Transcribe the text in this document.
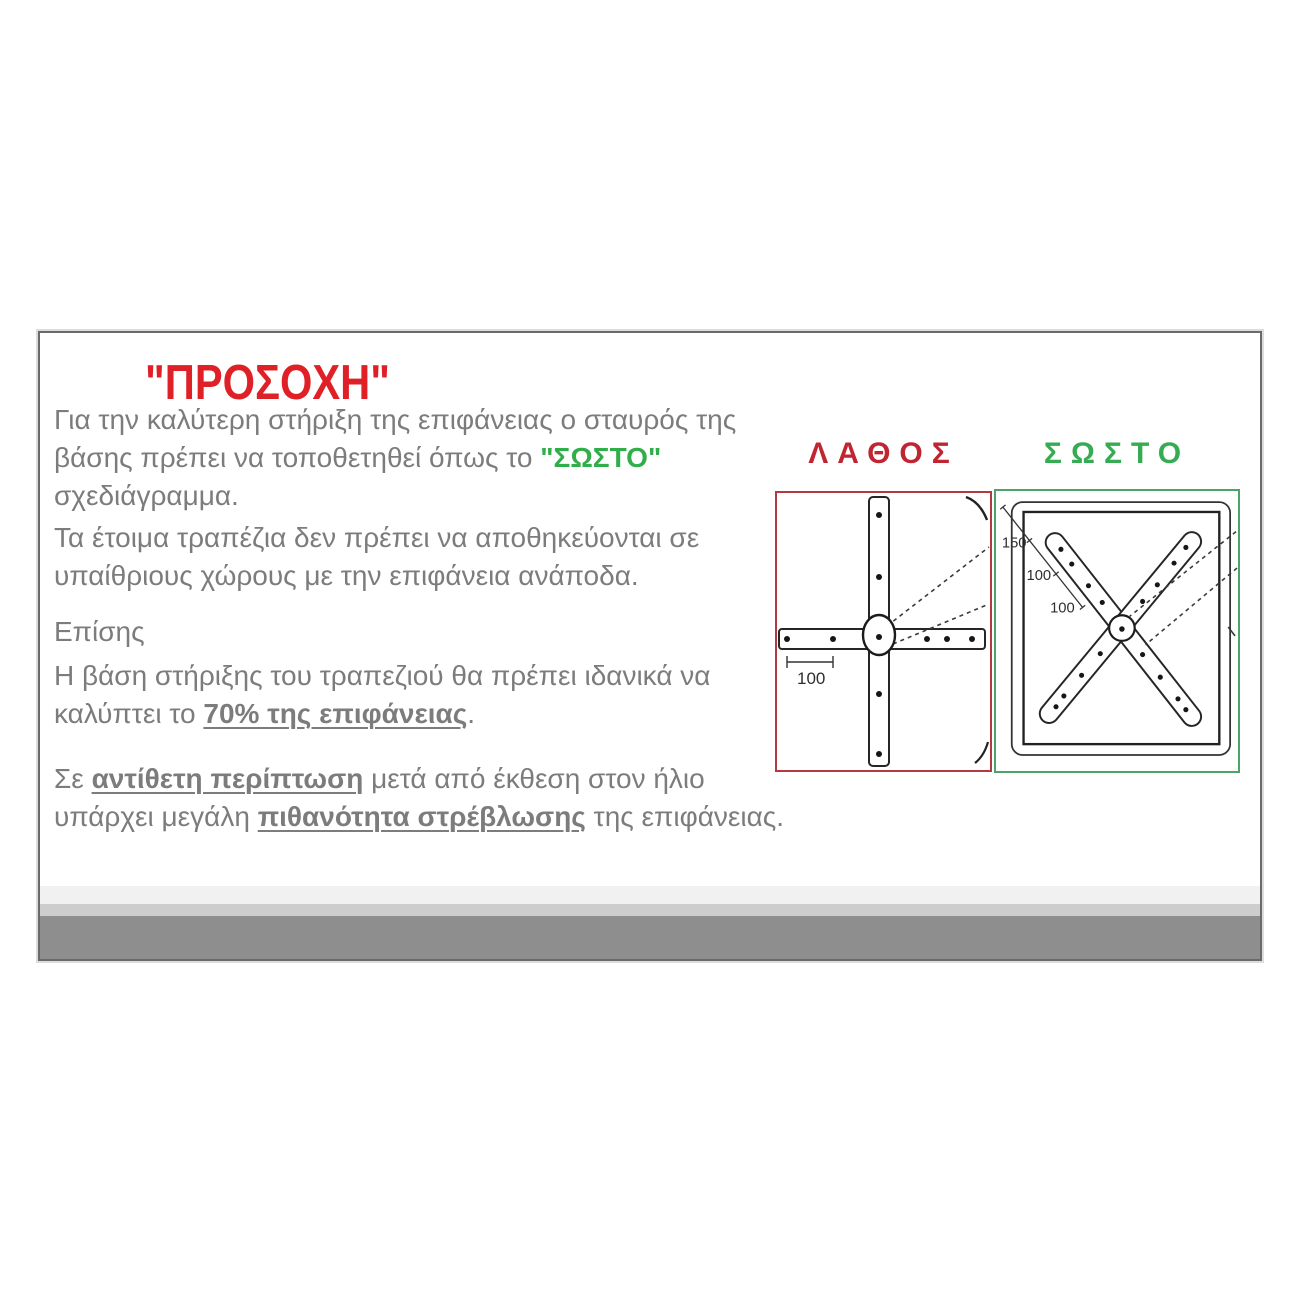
"ΠΡΟΣΟΧΗ"

Για την καλύτερη στήριξη της επιφάνειας ο σταυρός της βάσης πρέπει να τοποθετηθεί όπως το "ΣΩΣΤΟ" σχεδιάγραμμα.

Τα έτοιμα τραπέζια δεν πρέπει να αποθηκεύονται σε υπαίθριους χώρους με την επιφάνεια ανάποδα.

Επίσης

Η βάση στήριξης του τραπεζιού θα πρέπει ιδανικά να καλύπτει το 70% της επιφάνειας.

Σε αντίθετη περίπτωση μετά από έκθεση στον ήλιο υπάρχει μεγάλη πιθανότητα στρέβλωσης της επιφάνειας.

ΛΑΘΟΣ	ΣΩΣΤΟ
100
150
100
100
